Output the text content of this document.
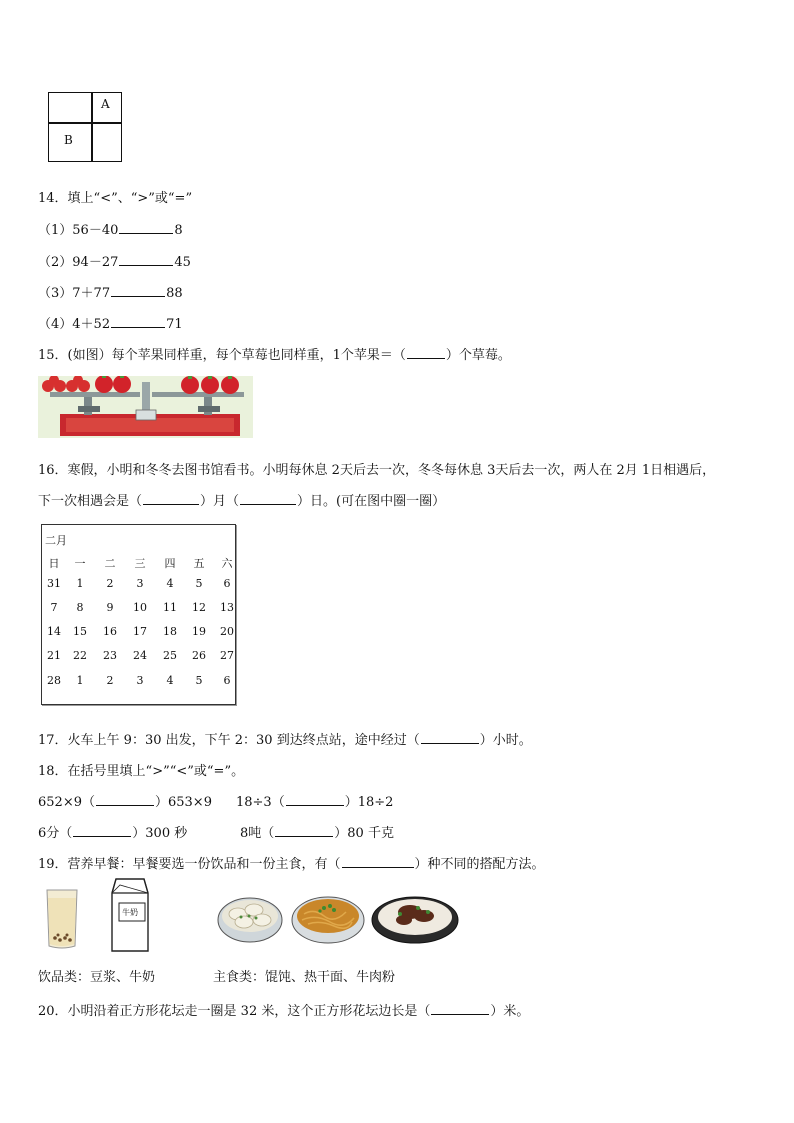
A
B
14．填上“<”、“>”或“=”
（1）56－40	8
（2）94－27	45
（3）7＋77	88
（4）4＋52	71
15．(如图）每个苹果同样重，每个草莓也同样重，1个苹果＝（	）个草莓。
16．寒假，小明和冬冬去图书馆看书。小明每休息 2天后去一次，冬冬每休息 3天后去一次，两人在 2月 1日相遇后，
下一次相遇会是（	）月（	）日。(可在图中圈一圈）
二月
日	一	二	三	四	五	六
31	1	2	3	4	5	6
7	8	9	10	11	12	13
14	15	16	17	18	19	20
21	22	23	24	25	26	27
28	1	2	3	4	5	6
17．火车上午 9：30 出发，下午 2：30 到达终点站，途中经过（	）小时。
18．在括号里填上“>”“<”或“=”。
652×9（	）653×9 18÷3（	）18÷2
6分（	）300 秒	8吨（	）80 千克
19．营养早餐：早餐要选一份饮品和一份主食，有（	）种不同的搭配方法。
牛奶
饮品类：豆浆、牛奶	主食类：馄饨、热干面、牛肉粉
20．小明沿着正方形花坛走一圈是 32 米，这个正方形花坛边长是（	）米。
